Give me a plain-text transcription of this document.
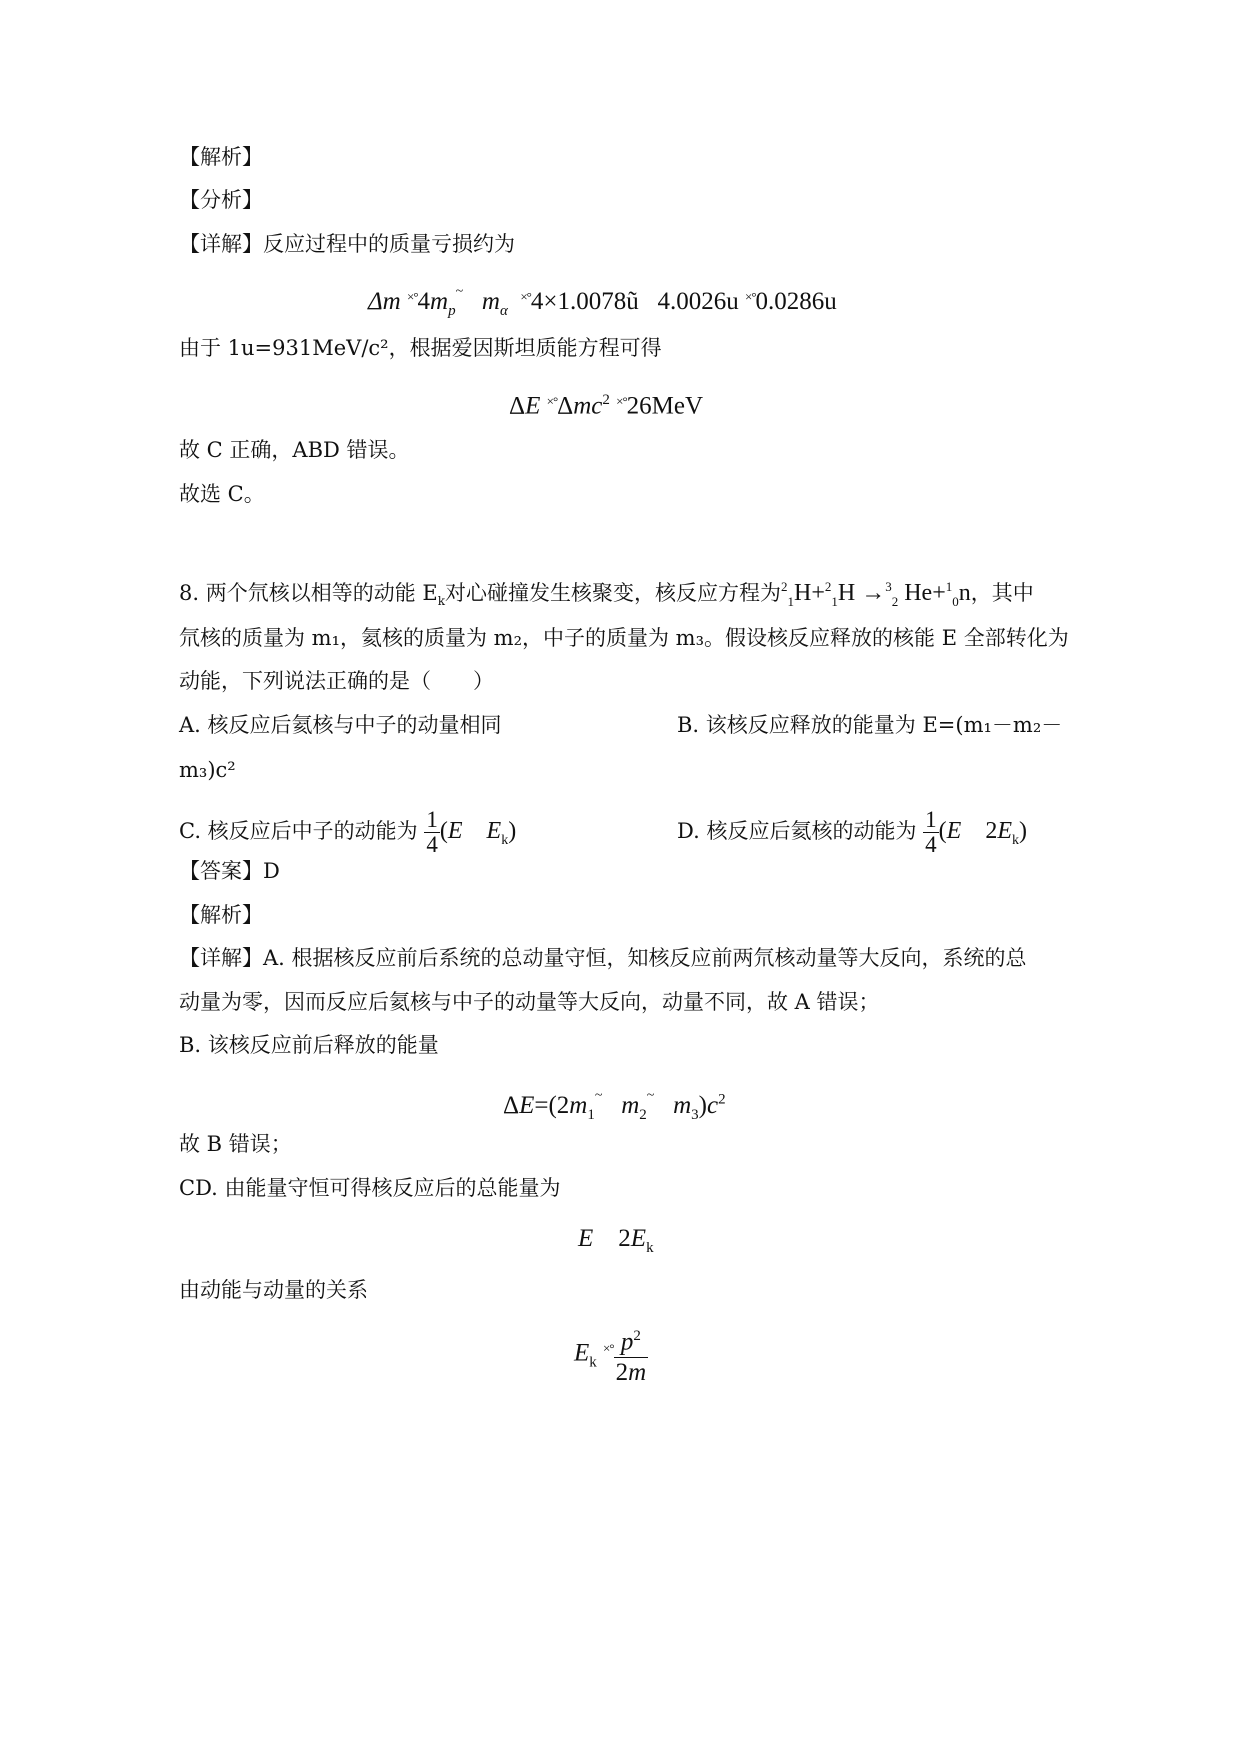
【解析】
【分析】
【详解】反应过程中的质量亏损约为
Δm $^{\times^\circ}4m_p^\sim$ $m_\alpha$  ×°4×1.0078ũ   4.0026u ×°0.0286u
由于 1u=931MeV/c²，根据爱因斯坦质能方程可得
ΔE ×°Δmc$^2$ ×°26MeV
故 C 正确，ABD 错误。
故选 C。
8. 两个氘核以相等的动能 $E_k$对心碰撞发生核聚变，核反应方程为$^2_1$H+$^2_1$H →$^3_2$ He+$^1_0$n，其中
氘核的质量为 m₁，氦核的质量为 m₂，中子的质量为 m₃。假设核反应释放的核能 E 全部转化为
动能，下列说法正确的是（　　）
A. 核反应后氦核与中子的动量相同	B. 该核反应释放的能量为 E=(m₁－m₂－
m₃)c²
C. 核反应后中子的动能为 $\frac{1}{4} (E$ $E_k$)	D. 核反应后氦核的动能为 $\frac{1}{4} (E$    $2E_k$)
【答案】D
【解析】
【详解】A. 根据核反应前后系统的总动量守恒，知核反应前两氘核动量等大反向，系统的总
动量为零，因而反应后氦核与中子的动量等大反向，动量不同，故 A 错误；
B. 该核反应前后释放的能量
$\Delta E=(2m_1^\sim$ $m_2^\sim$ $m_3)c^2$
故 B 错误；
CD. 由能量守恒可得核反应后的总能量为
E    $2E_k$
由动能与动量的关系
$E_k$ $^{\times^\circ} \frac{p^2}{2m}$
